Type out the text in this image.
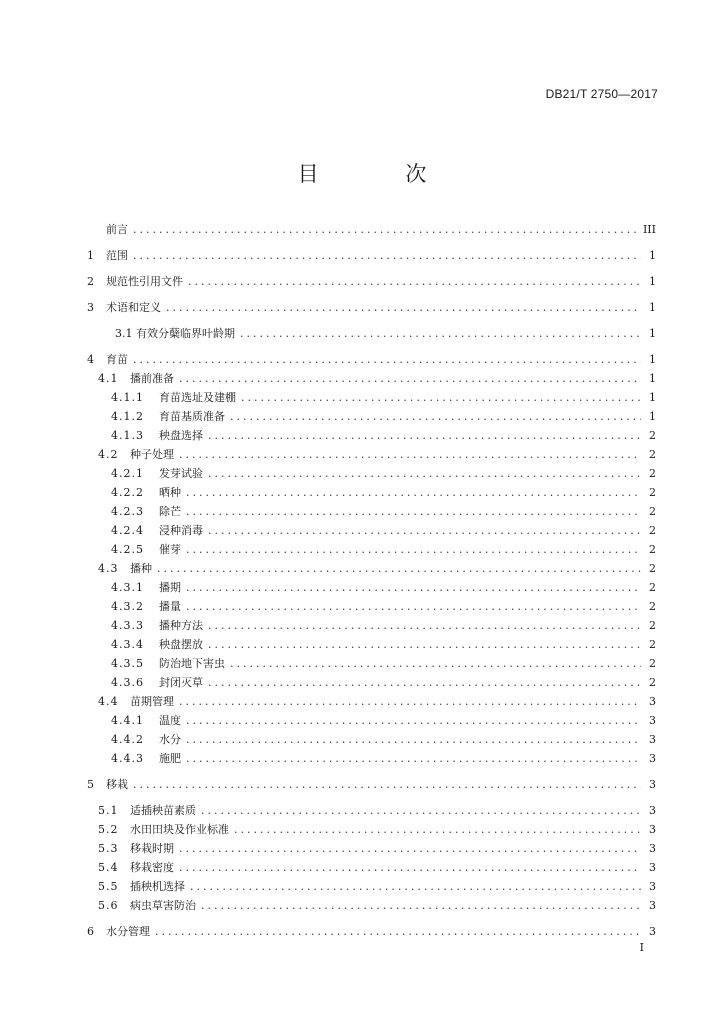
DB21/T 2750—2017
目 次
前言 .....	III
1	范围 .....	1
2	规范性引用文件 .....	1
3	术语和定义 .....	1
3.1 有效分蘖临界叶龄期 .....	1
4	育苗 .....	1
4.1	播前准备 .....	1
4.1.1	育苗选址及建棚 .....	1
4.1.2	育苗基质准备 .....	1
4.1.3	秧盘选择 .....	2
4.2	种子处理 .....	2
4.2.1	发芽试验 .....	2
4.2.2	晒种 .....	2
4.2.3	除芒 .....	2
4.2.4	浸种消毒 .....	2
4.2.5	催芽 .....	2
4.3	播种 .....	2
4.3.1	播期 .....	2
4.3.2	播量 .....	2
4.3.3	播种方法 .....	2
4.3.4	秧盘摆放 .....	2
4.3.5	防治地下害虫 .....	2
4.3.6	封闭灭草 .....	2
4.4	苗期管理 .....	3
4.4.1	温度 .....	3
4.4.2	水分 .....	3
4.4.3	施肥 .....	3
5	移栽 .....	3
5.1	适插秧苗素质 .....	3
5.2	水田田块及作业标准 .....	3
5.3	移栽时期 .....	3
5.4	移栽密度 .....	3
5.5	插秧机选择 .....	3
5.6	病虫草害防治 .....	3
6	水分管理 .....	3
I
